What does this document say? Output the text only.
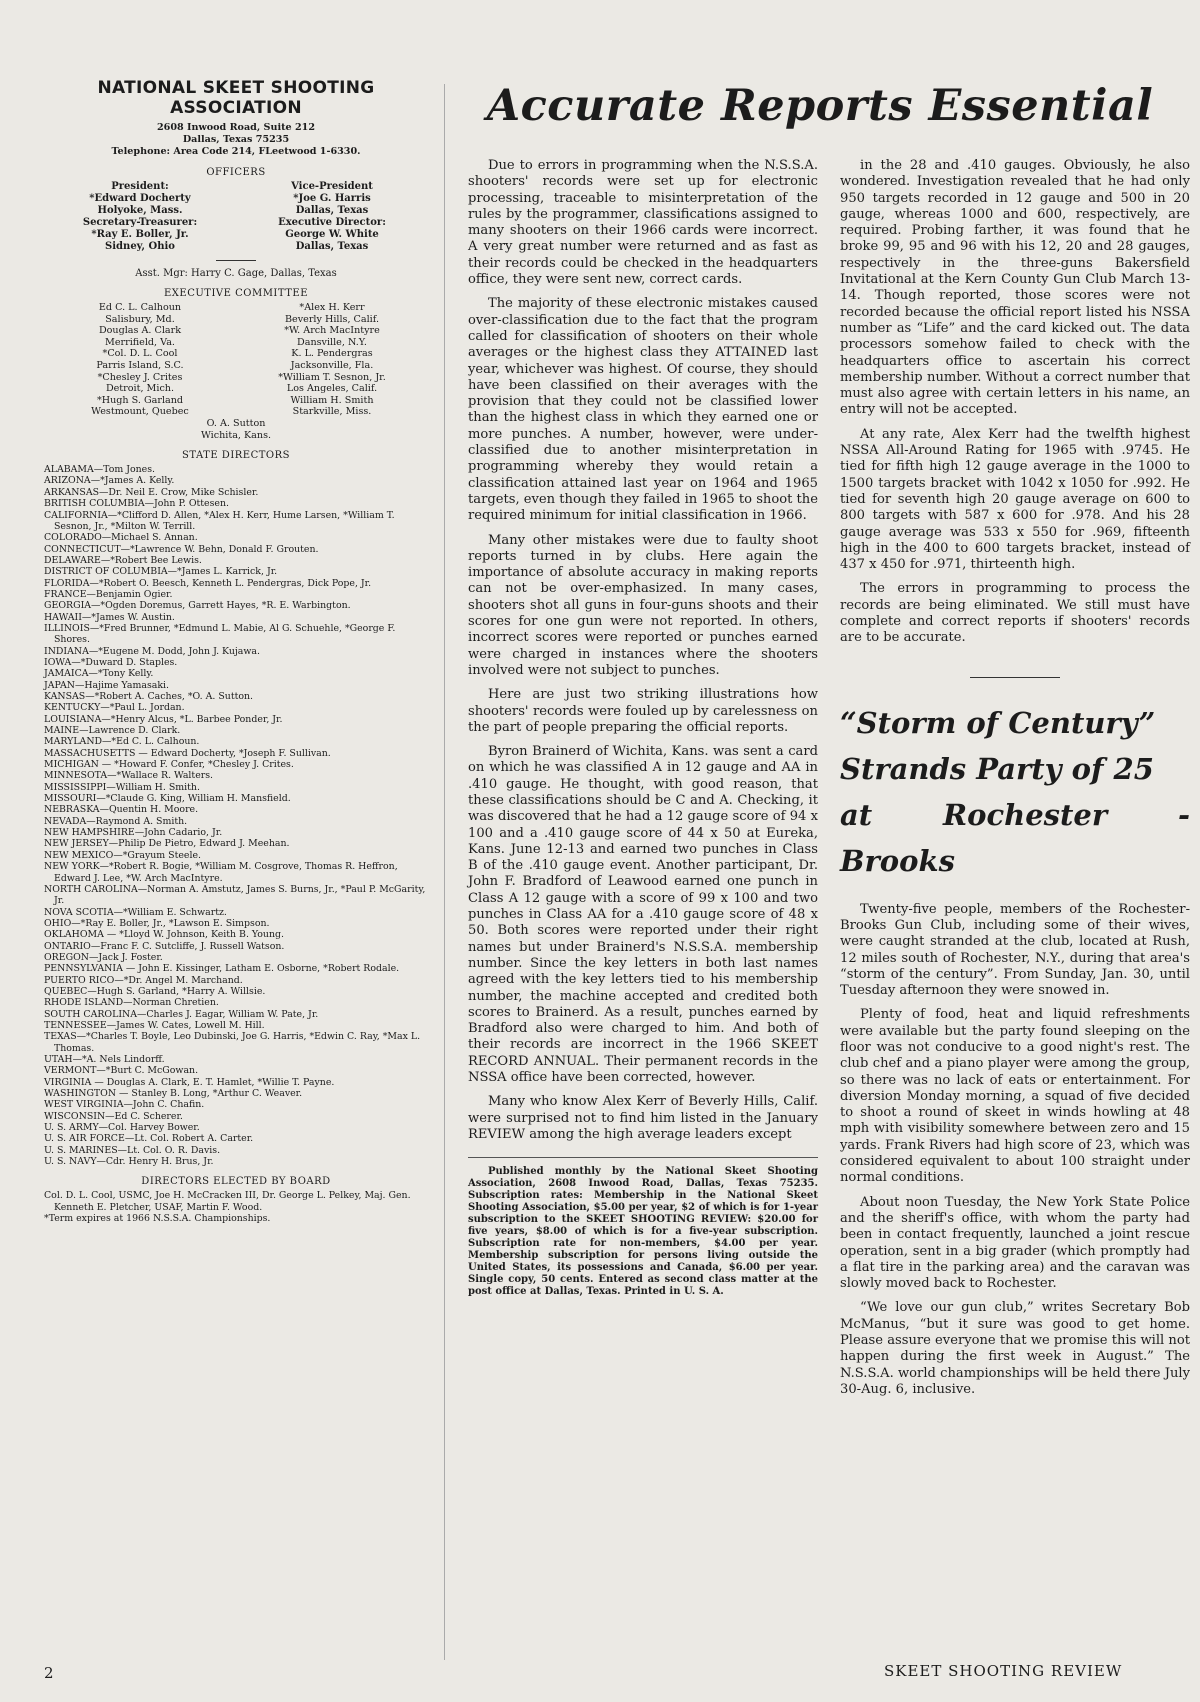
NATIONAL SKEET SHOOTING
ASSOCIATION
2608 Inwood Road, Suite 212
Dallas, Texas 75235
Telephone: Area Code 214, FLeetwood 1-6330.
OFFICERS
President:
*Edward Docherty
Holyoke, Mass.
Secretary-Treasurer:
*Ray E. Boller, Jr.
Sidney, Ohio
Vice-President
*Joe G. Harris
Dallas, Texas
Executive Director:
George W. White
Dallas, Texas
Asst. Mgr: Harry C. Gage, Dallas, Texas
EXECUTIVE COMMITTEE
Ed C. L. Calhoun
Salisbury, Md.
Douglas A. Clark
Merrifield, Va.
*Col. D. L. Cool
Parris Island, S.C.
*Chesley J. Crites
Detroit, Mich.
*Hugh S. Garland
Westmount, Quebec
*Alex H. Kerr
Beverly Hills, Calif.
*W. Arch MacIntyre
Dansville, N.Y.
K. L. Pendergras
Jacksonville, Fla.
*William T. Sesnon, Jr.
Los Angeles, Calif.
William H. Smith
Starkville, Miss.
O. A. Sutton
Wichita, Kans.
STATE DIRECTORS
ALABAMA—Tom Jones.
ARIZONA—*James A. Kelly.
ARKANSAS—Dr. Neil E. Crow, Mike Schisler.
BRITISH COLUMBIA—John P. Ottesen.
CALIFORNIA—*Clifford D. Allen, *Alex H. Kerr, Hume Larsen, *William T. Sesnon, Jr., *Milton W. Terrill.
COLORADO—Michael S. Annan.
CONNECTICUT—*Lawrence W. Behn, Donald F. Grouten.
DELAWARE—*Robert Bee Lewis.
DISTRICT OF COLUMBIA—*James L. Karrick, Jr.
FLORIDA—*Robert O. Beesch, Kenneth L. Pendergras, Dick Pope, Jr.
FRANCE—Benjamin Ogier.
GEORGIA—*Ogden Doremus, Garrett Hayes, *R. E. Warbington.
HAWAII—*James W. Austin.
ILLINOIS—*Fred Brunner, *Edmund L. Mabie, Al G. Schuehle, *George F. Shores.
INDIANA—*Eugene M. Dodd, John J. Kujawa.
IOWA—*Duward D. Staples.
JAMAICA—*Tony Kelly.
JAPAN—Hajime Yamasaki.
KANSAS—*Robert A. Caches, *O. A. Sutton.
KENTUCKY—*Paul L. Jordan.
LOUISIANA—*Henry Alcus, *L. Barbee Ponder, Jr.
MAINE—Lawrence D. Clark.
MARYLAND—*Ed C. L. Calhoun.
MASSACHUSETTS — Edward Docherty, *Joseph F. Sullivan.
MICHIGAN — *Howard F. Confer, *Chesley J. Crites.
MINNESOTA—*Wallace R. Walters.
MISSISSIPPI—William H. Smith.
MISSOURI—*Claude G. King, William H. Mansfield.
NEBRASKA—Quentin H. Moore.
NEVADA—Raymond A. Smith.
NEW HAMPSHIRE—John Cadario, Jr.
NEW JERSEY—Philip De Pietro, Edward J. Meehan.
NEW MEXICO—*Grayum Steele.
NEW YORK—*Robert R. Bogie, *William M. Cosgrove, Thomas R. Heffron, Edward J. Lee, *W. Arch MacIntyre.
NORTH CAROLINA—Norman A. Amstutz, James S. Burns, Jr., *Paul P. McGarity, Jr.
NOVA SCOTIA—*William E. Schwartz.
OHIO—*Ray E. Boller, Jr., *Lawson E. Simpson.
OKLAHOMA — *Lloyd W. Johnson, Keith B. Young.
ONTARIO—Franc F. C. Sutcliffe, J. Russell Watson.
OREGON—Jack J. Foster.
PENNSYLVANIA — John E. Kissinger, Latham E. Osborne, *Robert Rodale.
PUERTO RICO—*Dr. Angel M. Marchand.
QUEBEC—Hugh S. Garland, *Harry A. Willsie.
RHODE ISLAND—Norman Chretien.
SOUTH CAROLINA—Charles J. Eagar, William W. Pate, Jr.
TENNESSEE—James W. Cates, Lowell M. Hill.
TEXAS—*Charles T. Boyle, Leo Dubinski, Joe G. Harris, *Edwin C. Ray, *Max L. Thomas.
UTAH—*A. Nels Lindorff.
VERMONT—*Burt C. McGowan.
VIRGINIA — Douglas A. Clark, E. T. Hamlet, *Willie T. Payne.
WASHINGTON — Stanley B. Long, *Arthur C. Weaver.
WEST VIRGINIA—John C. Chafin.
WISCONSIN—Ed C. Scherer.
U. S. ARMY—Col. Harvey Bower.
U. S. AIR FORCE—Lt. Col. Robert A. Carter.
U. S. MARINES—Lt. Col. O. R. Davis.
U. S. NAVY—Cdr. Henry H. Brus, Jr.
DIRECTORS ELECTED BY BOARD
Col. D. L. Cool, USMC, Joe H. McCracken III, Dr. George L. Pelkey, Maj. Gen. Kenneth E. Pletcher, USAF, Martin F. Wood.
*Term expires at 1966 N.S.S.A. Championships.
Accurate Reports Essential

Due to errors in programming when the N.S.S.A. shooters' records were set up for electronic processing, traceable to misinterpretation of the rules by the programmer, classifications assigned to many shooters on their 1966 cards were incorrect. A very great number were returned and as fast as their records could be checked in the headquarters office, they were sent new, correct cards.

The majority of these electronic mistakes caused over-classification due to the fact that the program called for classification of shooters on their whole averages or the highest class they ATTAINED last year, whichever was highest. Of course, they should have been classified on their averages with the provision that they could not be classified lower than the highest class in which they earned one or more punches. A number, however, were under-classified due to another misinterpretation in programming whereby they would retain a classification attained last year on 1964 and 1965 targets, even though they failed in 1965 to shoot the required minimum for initial classification in 1966.

Many other mistakes were due to faulty shoot reports turned in by clubs. Here again the importance of absolute accuracy in making reports can not be over-emphasized. In many cases, shooters shot all guns in four-guns shoots and their scores for one gun were not reported. In others, incorrect scores were reported or punches earned were charged in instances where the shooters involved were not subject to punches.

Here are just two striking illustrations how shooters' records were fouled up by carelessness on the part of people preparing the official reports.

Byron Brainerd of Wichita, Kans. was sent a card on which he was classified A in 12 gauge and AA in .410 gauge. He thought, with good reason, that these classifications should be C and A. Checking, it was discovered that he had a 12 gauge score of 94 x 100 and a .410 gauge score of 44 x 50 at Eureka, Kans. June 12-13 and earned two punches in Class B of the .410 gauge event. Another participant, Dr. John F. Bradford of Leawood earned one punch in Class A 12 gauge with a score of 99 x 100 and two punches in Class AA for a .410 gauge score of 48 x 50. Both scores were reported under their right names but under Brainerd's N.S.S.A. membership number. Since the key letters in both last names agreed with the key letters tied to his membership number, the machine accepted and credited both scores to Brainerd. As a result, punches earned by Bradford also were charged to him. And both of their records are incorrect in the 1966 SKEET RECORD ANNUAL. Their permanent records in the NSSA office have been corrected, however.

Many who know Alex Kerr of Beverly Hills, Calif. were surprised not to find him listed in the January REVIEW among the high average leaders except

Published monthly by the National Skeet Shooting Association, 2608 Inwood Road, Dallas, Texas 75235. Subscription rates: Membership in the National Skeet Shooting Association, $5.00 per year, $2 of which is for 1-year subscription to the SKEET SHOOTING REVIEW: $20.00 for five years, $8.00 of which is for a five-year subscription. Subscription rate for non-members, $4.00 per year. Membership subscription for persons living outside the United States, its possessions and Canada, $6.00 per year. Single copy, 50 cents. Entered as second class matter at the post office at Dallas, Texas. Printed in U. S. A.

in the 28 and .410 gauges. Obviously, he also wondered. Investigation revealed that he had only 950 targets recorded in 12 gauge and 500 in 20 gauge, whereas 1000 and 600, respectively, are required. Probing farther, it was found that he broke 99, 95 and 96 with his 12, 20 and 28 gauges, respectively in the three-guns Bakersfield Invitational at the Kern County Gun Club March 13-14. Though reported, those scores were not recorded because the official report listed his NSSA number as “Life” and the card kicked out. The data processors somehow failed to check with the headquarters office to ascertain his correct membership number. Without a correct number that must also agree with certain letters in his name, an entry will not be accepted.

At any rate, Alex Kerr had the twelfth highest NSSA All-Around Rating for 1965 with .9745. He tied for fifth high 12 gauge average in the 1000 to 1500 targets bracket with 1042 x 1050 for .992. He tied for seventh high 20 gauge average on 600 to 800 targets with 587 x 600 for .978. And his 28 gauge average was 533 x 550 for .969, fifteenth high in the 400 to 600 targets bracket, instead of 437 x 450 for .971, thirteenth high.

The errors in programming to process the records are being eliminated. We still must have complete and correct reports if shooters' records are to be accurate.

“Storm of Century”
Strands Party of 25
at Rochester - Brooks

Twenty-five people, members of the Rochester-Brooks Gun Club, including some of their wives, were caught stranded at the club, located at Rush, 12 miles south of Rochester, N.Y., during that area's “storm of the century”. From Sunday, Jan. 30, until Tuesday afternoon they were snowed in.

Plenty of food, heat and liquid refreshments were available but the party found sleeping on the floor was not conducive to a good night's rest. The club chef and a piano player were among the group, so there was no lack of eats or entertainment. For diversion Monday morning, a squad of five decided to shoot a round of skeet in winds howling at 48 mph with visibility somewhere between zero and 15 yards. Frank Rivers had high score of 23, which was considered equivalent to about 100 straight under normal conditions.

About noon Tuesday, the New York State Police and the sheriff's office, with whom the party had been in contact frequently, launched a joint rescue operation, sent in a big grader (which promptly had a flat tire in the parking area) and the caravan was slowly moved back to Rochester.

“We love our gun club,” writes Secretary Bob McManus, “but it sure was good to get home. Please assure everyone that we promise this will not happen during the first week in August.” The N.S.S.A. world championships will be held there July 30-Aug. 6, inclusive.

2	SKEET SHOOTING REVIEW
